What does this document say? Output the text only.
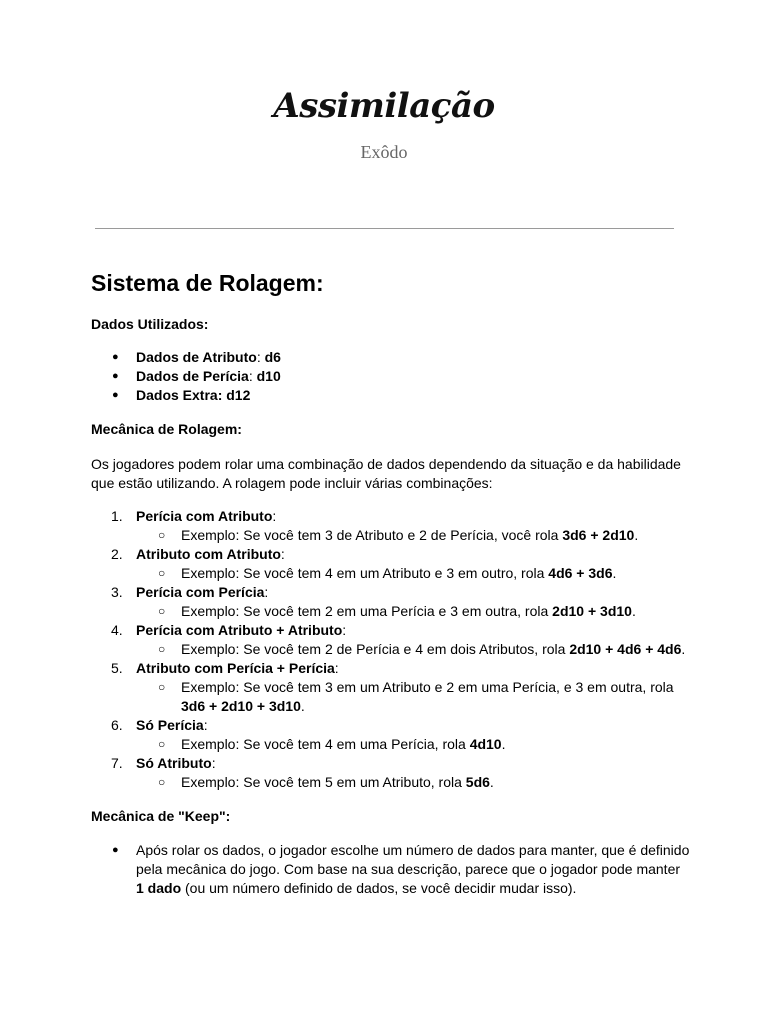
Assimilação
Exôdo
Sistema de Rolagem:

Dados Utilizados:

● Dados de Atributo: d6
● Dados de Perícia: d10
● Dados Extra: d12

Mecânica de Rolagem:

Os jogadores podem rolar uma combinação de dados dependendo da situação e da habilidade que estão utilizando. A rolagem pode incluir várias combinações:

1. Perícia com Atributo:
○ Exemplo: Se você tem 3 de Atributo e 2 de Perícia, você rola 3d6 + 2d10.
2. Atributo com Atributo:
○ Exemplo: Se você tem 4 em um Atributo e 3 em outro, rola 4d6 + 3d6.
3. Perícia com Perícia:
○ Exemplo: Se você tem 2 em uma Perícia e 3 em outra, rola 2d10 + 3d10.
4. Perícia com Atributo + Atributo:
○ Exemplo: Se você tem 2 de Perícia e 4 em dois Atributos, rola 2d10 + 4d6 + 4d6.
5. Atributo com Perícia + Perícia:
○ Exemplo: Se você tem 3 em um Atributo e 2 em uma Perícia, e 3 em outra, rola 3d6 + 2d10 + 3d10.
6. Só Perícia:
○ Exemplo: Se você tem 4 em uma Perícia, rola 4d10.
7. Só Atributo:
○ Exemplo: Se você tem 5 em um Atributo, rola 5d6.

Mecânica de "Keep":

● Após rolar os dados, o jogador escolhe um número de dados para manter, que é definido pela mecânica do jogo. Com base na sua descrição, parece que o jogador pode manter 1 dado (ou um número definido de dados, se você decidir mudar isso).
